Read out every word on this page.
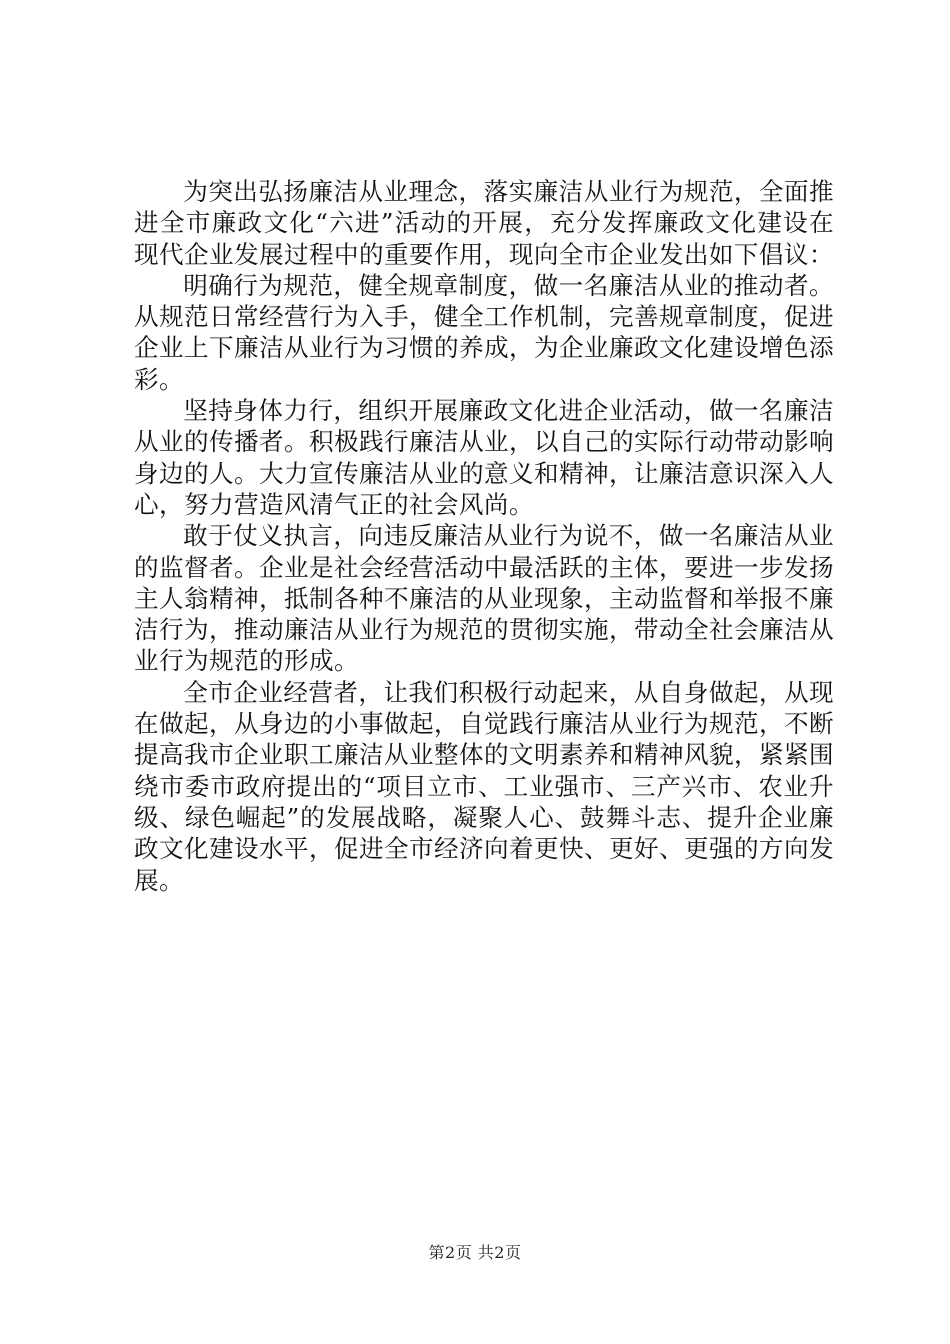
为突出弘扬廉洁从业理念，落实廉洁从业行为规范，全面推进全市廉政文化“六进”活动的开展，充分发挥廉政文化建设在现代企业发展过程中的重要作用，现向全市企业发出如下倡议：

明确行为规范，健全规章制度，做一名廉洁从业的推动者。从规范日常经营行为入手，健全工作机制，完善规章制度，促进企业上下廉洁从业行为习惯的养成，为企业廉政文化建设增色添彩。

坚持身体力行，组织开展廉政文化进企业活动，做一名廉洁从业的传播者。积极践行廉洁从业，以自己的实际行动带动影响身边的人。大力宣传廉洁从业的意义和精神，让廉洁意识深入人心，努力营造风清气正的社会风尚。

敢于仗义执言，向违反廉洁从业行为说不，做一名廉洁从业的监督者。企业是社会经营活动中最活跃的主体，要进一步发扬主人翁精神，抵制各种不廉洁的从业现象，主动监督和举报不廉洁行为，推动廉洁从业行为规范的贯彻实施，带动全社会廉洁从业行为规范的形成。

全市企业经营者，让我们积极行动起来，从自身做起，从现在做起，从身边的小事做起，自觉践行廉洁从业行为规范，不断提高我市企业职工廉洁从业整体的文明素养和精神风貌，紧紧围绕市委市政府提出的“项目立市、工业强市、三产兴市、农业升级、绿色崛起”的发展战略，凝聚人心、鼓舞斗志、提升企业廉政文化建设水平，促进全市经济向着更快、更好、更强的方向发展。

第2页 共2页
